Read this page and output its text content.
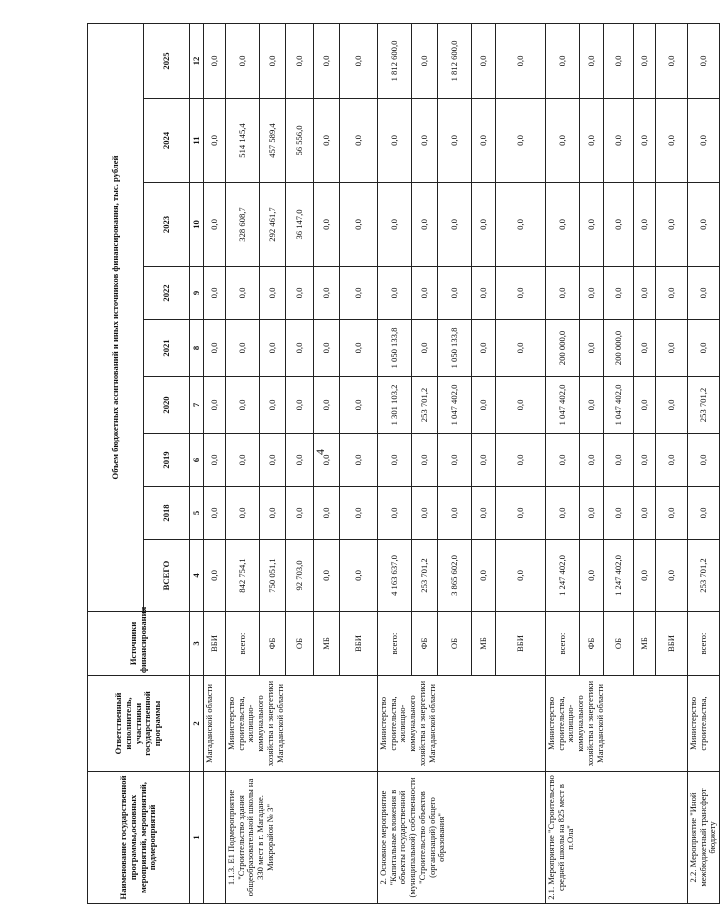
4
Наименование государственной программы,основных мероприятий, мероприятий, подмероприятий	Ответственный исполнитель, участники государственной программы	Источники финансирования	Объем бюджетных ассигнований и иных источников финансирования, тыс. рублей								
			ВСЕГО	2018	2019	2020	2021	2022	2023	2024	2025
1	2	3	4	5	6	7	8	9	10	11	12
	Магаданской области	ВБИ	0,0	0,0	0,0	0,0	0,0	0,0	0,0	0,0	0,0
1.1.3. Е1 Подмероприятие "Строительство здания общеобразовательной школы на 330 мест в г. Магадане. Микрорайон № 3"	Министерство строительства, жилищно-коммунального хозяйства и энергетики Магаданской области	всего:	842 754,1	0,0	0,0	0,0	0,0	0,0	328 608,7	514 145,4	0,0
		ФБ	750 051,1	0,0	0,0	0,0	0,0	0,0	292 461,7	457 589,4	0,0
		ОБ	92 703,0	0,0	0,0	0,0	0,0	0,0	36 147,0	56 556,0	0,0
		МБ	0,0	0,0	0,0	0,0	0,0	0,0	0,0	0,0	0,0
		ВБИ	0,0	0,0	0,0	0,0	0,0	0,0	0,0	0,0	0,0
2. Основное мероприятие "Капитальные вложения в объекты государственной (муниципальной) собственности "Строительство объектов (организаций) общего образования"	Министерство строительства, жилищно-коммунального хозяйства и энергетики Магаданской области	всего:	4 163 637,0	0,0	0,0	1 301 103,2	1 050 133,8	0,0	0,0	0,0	1 812 600,0
		ФБ	253 701,2	0,0	0,0	253 701,2	0,0	0,0	0,0	0,0	0,0
		ОБ	3 865 602,0	0,0	0,0	1 047 402,0	1 050 133,8	0,0	0,0	0,0	1 812 600,0
		МБ	0,0	0,0	0,0	0,0	0,0	0,0	0,0	0,0	0,0
		ВБИ	0,0	0,0	0,0	0,0	0,0	0,0	0,0	0,0	0,0
2.1. Мероприятие "Строительство средней школы на 825 мест в п.Ола"	Министерство строительства, жилищно-коммунального хозяйства и энергетики Магаданской области	всего:	1 247 402,0	0,0	0,0	1 047 402,0	200 000,0	0,0	0,0	0,0	0,0
		ФБ	0,0	0,0	0,0	0,0	0,0	0,0	0,0	0,0	0,0
		ОБ	1 247 402,0	0,0	0,0	1 047 402,0	200 000,0	0,0	0,0	0,0	0,0
		МБ	0,0	0,0	0,0	0,0	0,0	0,0	0,0	0,0	0,0
		ВБИ	0,0	0,0	0,0	0,0	0,0	0,0	0,0	0,0	0,0
2.2. Мероприятие "Иной межбюджетный трансферт бюджету	Министерство строительства,	всего:	253 701,2	0,0	0,0	253 701,2	0,0	0,0	0,0	0,0	0,0
